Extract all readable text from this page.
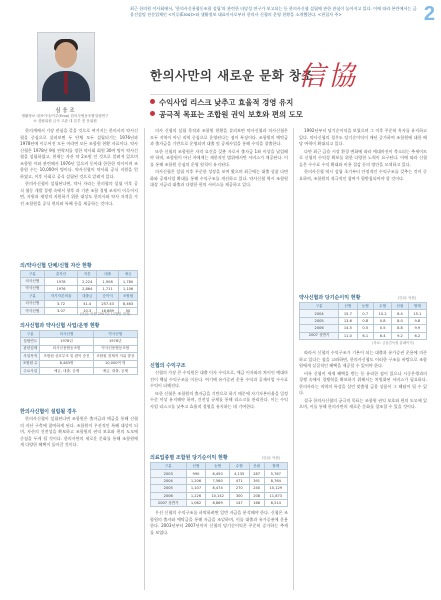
2
최근 한의원 이사회에서, '한의사신용협동조합 설립'과 관련한 타당성 연구가 보고되는 등 한의사신협 설립에 관한 관심이 높아지고 있다. 이에 따라 본란에서는 금융건설팅 전문업체인 <이루(Eroo)>와 생활정보 대표이사로부터 한의사 신협의 운영 현황을 소개했한다. <편집자 주>
심 웅 조
생활정보 대표이사/이루(Eroo) 한의사협동조합설립연구소 설립위원 금사 고관 대 본부 전 문위원
한의사만의 새로운 문화 창조
信協
수익사업 리스크 낮추고 효율적 경영 유지
공극적 목표는 조합원 권익 보호와 편의 도모

한의계에서 가장 관심을 갖을 것으로 여겨지는 한의사의 약사신협을 중심으로 살펴보면 두 단체 모두 설립되기는 1976년과 1978년에 이루어진 모든 이라면 모든 조합원 현황 자료이다. 약사신협은 1978년 9월 연락처를 정한 약사회 회원 30여 명이 약사신협을 설립하였고, 현재는 자산 약 2조원 인 것으로 알려져 있으며 조합원 이와 관련해서 1976년 일으켜 동아대 한한한 약사이며 조합원 수는 10,000여 명이다. 약사신협이 약사회 공식 지원을 얻 하였고, 이후 사회로 공식 설립된 것으로 알려져 있다.

한의사신협이 설립된다면, 약사 자리는 한의협의 설립 이후 공식 협동 개발 경쟁 속에서 향후 과 기관 조합 경영 조직이 이루어지면, 자원과 재정적 지원하기 위한 대상도 한의사와 약사 자격을 가진 조합원을 공식 편의와 특혜 등을 제공하는 것이다.

의/약사신협 단체/신협 자산 현황
구분	총자산	자본	대출	예금
의사신협	1978	2,224	1,908	1,780
약사신협	1976	2,864	1,711	1,106
구분	자기자본비율	대출금	순이익	조합원
의사신협	3.72	41.4	257.43	8,463
약사신협	3.07	10.3	16,689	50
(단위: 억원 2007년 12월말 현재)
의사신협과 약사신협 사업/운영 현황
구분	의사신협	약사신협
설립연도	1978년	1976년
관련업체	의사신용협동조합	약사신용협동조합
사업목적	조합원 상호부조 및 편익 증진	조합원 경제적 지위 향상
조합원 수	8,463명	10,000여 명
주요사업	예금, 대출, 공제	예금, 대출, 공제
한의사신협이 설립될 경우

한의사신협이 설립된다면 조합원은 출자금과 예금을 통해 신협의 자산 구축에 참여하게 된다. 조합원이 우선적인 특혜 대상이 되며, 자산의 건전성을 확보하고 조합원의 권익 보호와 편의 도모에 중점을 두게 될 것이다. 한의사만의 새로운 문화를 통해 조합원에게 다양한 혜택이 돌아갈 것이다.

의사 신협의 설립 목적과 조합원 현황을 살펴보면 약사신협과 의사신협은 모두 지역이 아닌 직역 중심으로 운영된다는 점이 특징이다. 조합원의 예탁금과 출자금을 기반으로 운영되며 대출 및 공제사업을 통해 수익을 창출한다.

또한 신협의 조합원은 자격 요건을 갖춘 자로서 출자금 1좌 이상을 납입해야 하며, 조합원이 아닌 자에게는 제한적인 범위에서만 서비스가 제공된다. 이를 통해 조합원 중심의 운영 원칙이 유지된다.

의사신협은 설립 이후 꾸준한 성장을 보여 왔으며 최근에는 대출 상품 다변화와 공제사업 확대를 통해 수익구조를 개선하고 있다. 약사신협 역시 조합원 대상 저금리 대출과 다양한 편의 서비스를 제공하고 있다.

신협의 수익구조

신협의 가장 큰 수익원은 대출 이자 수익으로, 예금 이자와의 차이인 예대마진이 핵심 수익구조를 이룬다. 여기에 유가증권 운용 수익과 공제사업 수수료 수익이 더해진다.

또한 신협은 조합원의 출자금을 기반으로 하기 때문에 자기자본비율을 일정 수준 이상 유지해야 하며, 건전성 규제를 통해 리스크를 관리한다. 이는 수익사업 리스크를 낮추고 효율적 경영을 유지하는 데 기여한다.

의료업종별 조합원 당기순이익 현황	(단위: 억원)
구분	신협	농협	수협	산림	합계
2003	990	6,450	4,135	287	5,767
2004	1,206	7,560	471	391	8,764
2005	1,107	8,474	270	240	10,129
2006	1,226	10,142	300	208	11,873
2007 상반기	1,062	6,869	147	168	8,214

우선 신협의 수익구조를 파악하려면 일반 자금을 분석해야 한다. 신협은 조합원의 출자와 예탁금을 통해 자금을 조달하며, 이를 대출과 유가증권에 운용한다. 2003년부터 2007년까지 신협의 당기순이익은 꾸준히 증가하는 추세를 보였다.

1992년부터 당기순이익을 보였으며 그 이후 꾸준히 흑자를 유지하고 있다. 약사신협의 경우도 당기순이익이 매년 증가하여 조합원에 대한 배당 여력이 확대되고 있다.

다만 최근 금융 시장 환경 변화에 따라 예대마진이 축소되는 추세이므로 신협의 수익성 확보를 위한 다양한 노력이 요구된다. 이에 따라 신협들은 수수료 수익 확대와 비용 절감 등의 방안을 모색하고 있다.

한의사신협 역시 설립 초기부터 안정적인 수익구조를 갖추는 것이 중요하며, 조합원의 적극적인 참여가 뒷받침되어야 할 것이다.

약사신협과 당기순이익 현황	(단위: 억원)
구분	신협	농협	수협	산림	합계
2004	15.7	0.7	10.2	8.4	15.1
2005	13.6	0.8	0.8	8.0	9.8
2006	14.5	0.5	0.5	8.8	9.9
2007 상반기	11.0	6.1	6.4	9.2	6.2
(자료: 금융감독원 홈페이지)

따라서 신협의 수익구조가 기본이 되는 대출과 유가증권 운용에 의존하고 있다는 점을 고려하면, 한의사신협도 이러한 구조를 바탕으로 조합원에게 실질적인 혜택을 제공할 수 있어야 한다.

비록 신협이 세제 혜택을 받는 등 유리한 점이 있으나 시중은행과의 경쟁 속에서 경쟁력을 확보하기 위해서는 차별화된 서비스가 필요하다. 한의사라는 직역의 특성을 살린 맞춤형 금융 상품이 그 해답이 될 수 있다.

결국 한의사신협의 궁극적 목표는 조합원 권익 보호와 편의 도모에 있으며, 이를 통해 한의사만의 새로운 문화를 창조할 수 있을 것이다.
